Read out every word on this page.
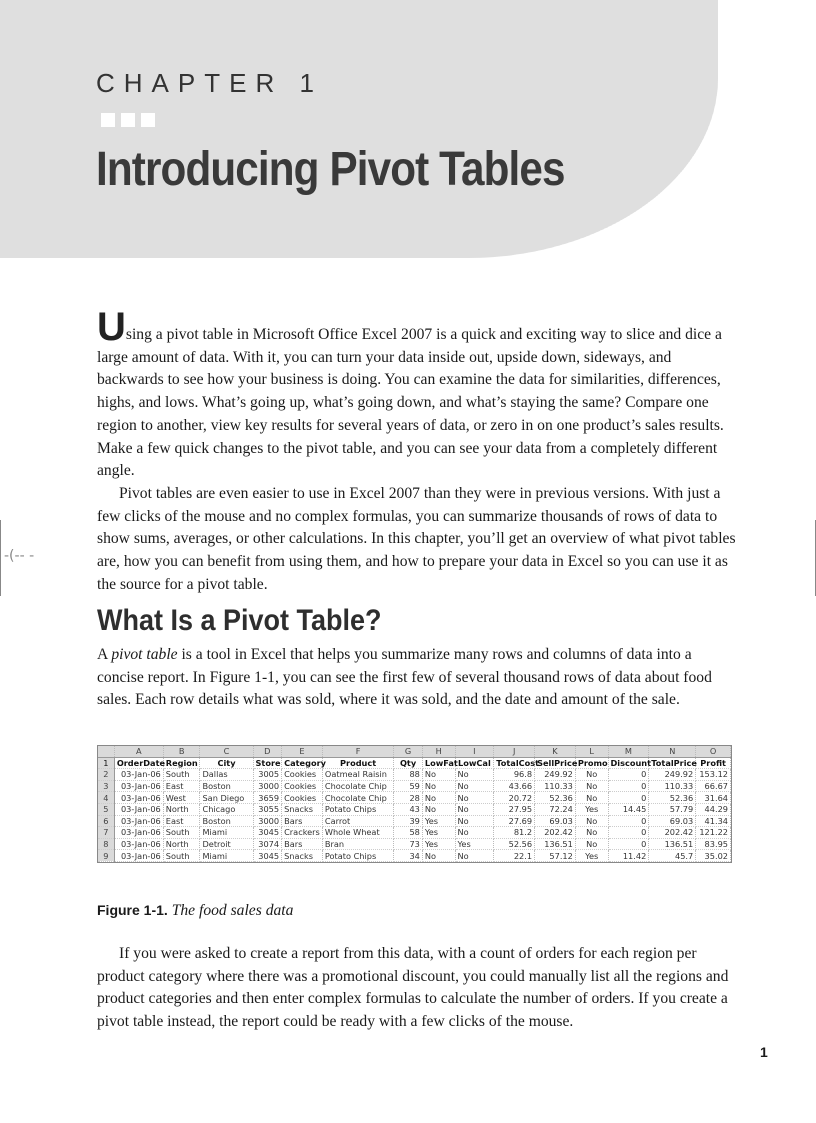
CHAPTER 1
Introducing Pivot Tables

Using a pivot table in Microsoft Office Excel 2007 is a quick and exciting way to slice and dice a large amount of data. With it, you can turn your data inside out, upside down, sideways, and backwards to see how your business is doing. You can examine the data for similarities, differences, highs, and lows. What’s going up, what’s going down, and what’s staying the same? Compare one region to another, view key results for several years of data, or zero in on one product’s sales results. Make a few quick changes to the pivot table, and you can see your data from a completely different angle.

Pivot tables are even easier to use in Excel 2007 than they were in previous versions. With just a few clicks of the mouse and no complex formulas, you can summarize thousands of rows of data to show sums, averages, or other calculations. In this chapter, you’ll get an overview of what pivot tables are, how you can benefit from using them, and how to prepare your data in Excel so you can use it as the source for a pivot table.

-(-- -
What Is a Pivot Table?

A pivot table is a tool in Excel that helps you summarize many rows and columns of data into a concise report. In Figure 1-1, you can see the first few of several thousand rows of data about food sales. Each row details what was sold, where it was sold, and the date and amount of the sale.

	A	B	C	D	E	F	G	H	I	J	K	L	M	N	O
1	OrderDate	Region	City	Store	Category	Product	Qty	LowFat	LowCal	TotalCost	SellPrice	Promo	Discount	TotalPrice	Profit
2	03-Jan-06	South	Dallas	3005	Cookies	Oatmeal Raisin	88	No	No	96.8	249.92	No	0	249.92	153.12
3	03-Jan-06	East	Boston	3000	Cookies	Chocolate Chip	59	No	No	43.66	110.33	No	0	110.33	66.67
4	03-Jan-06	West	San Diego	3659	Cookies	Chocolate Chip	28	No	No	20.72	52.36	No	0	52.36	31.64
5	03-Jan-06	North	Chicago	3055	Snacks	Potato Chips	43	No	No	27.95	72.24	Yes	14.45	57.79	44.29
6	03-Jan-06	East	Boston	3000	Bars	Carrot	39	Yes	No	27.69	69.03	No	0	69.03	41.34
7	03-Jan-06	South	Miami	3045	Crackers	Whole Wheat	58	Yes	No	81.2	202.42	No	0	202.42	121.22
8	03-Jan-06	North	Detroit	3074	Bars	Bran	73	Yes	Yes	52.56	136.51	No	0	136.51	83.95
9	03-Jan-06	South	Miami	3045	Snacks	Potato Chips	34	No	No	22.1	57.12	Yes	11.42	45.7	35.02

Figure 1-1. The food sales data

If you were asked to create a report from this data, with a count of orders for each region per product category where there was a promotional discount, you could manually list all the regions and product categories and then enter complex formulas to calculate the number of orders. If you create a pivot table instead, the report could be ready with a few clicks of the mouse.

1
